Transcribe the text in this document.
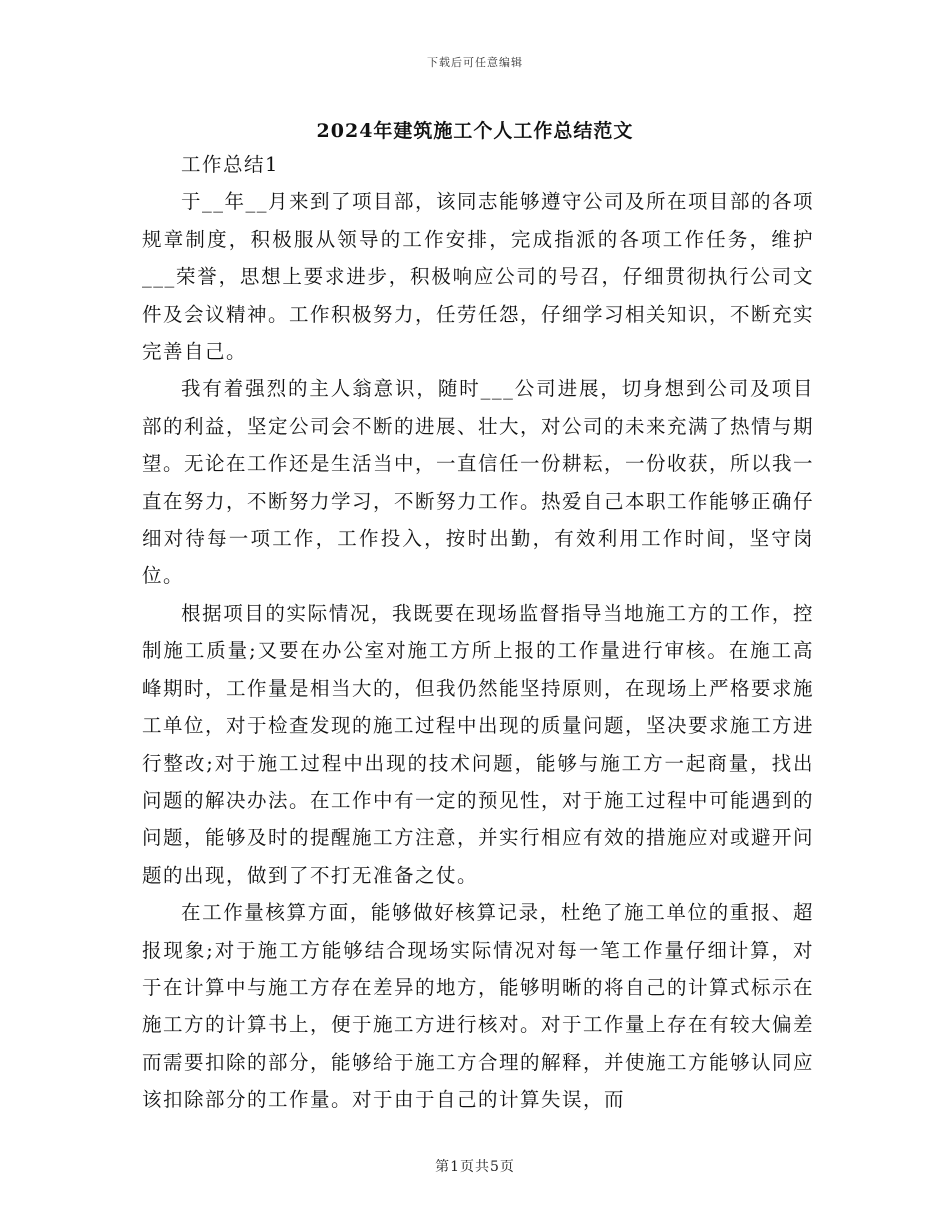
下载后可任意编辑
2024年建筑施工个人工作总结范文

工作总结1

于__年__月来到了项目部，该同志能够遵守公司及所在项目部的各项规章制度，积极服从领导的工作安排，完成指派的各项工作任务，维护___荣誉，思想上要求进步，积极响应公司的号召，仔细贯彻执行公司文件及会议精神。工作积极努力，任劳任怨，仔细学习相关知识，不断充实完善自己。

我有着强烈的主人翁意识，随时___公司进展，切身想到公司及项目部的利益，坚定公司会不断的进展、壮大，对公司的未来充满了热情与期望。无论在工作还是生活当中，一直信任一份耕耘，一份收获，所以我一直在努力，不断努力学习，不断努力工作。热爱自己本职工作能够正确仔细对待每一项工作，工作投入，按时出勤，有效利用工作时间，坚守岗位。

根据项目的实际情况，我既要在现场监督指导当地施工方的工作，控制施工质量;又要在办公室对施工方所上报的工作量进行审核。在施工高峰期时，工作量是相当大的，但我仍然能坚持原则，在现场上严格要求施工单位，对于检查发现的施工过程中出现的质量问题，坚决要求施工方进行整改;对于施工过程中出现的技术问题，能够与施工方一起商量，找出问题的解决办法。在工作中有一定的预见性，对于施工过程中可能遇到的问题，能够及时的提醒施工方注意，并实行相应有效的措施应对或避开问题的出现，做到了不打无准备之仗。

在工作量核算方面，能够做好核算记录，杜绝了施工单位的重报、超报现象;对于施工方能够结合现场实际情况对每一笔工作量仔细计算，对于在计算中与施工方存在差异的地方，能够明晰的将自己的计算式标示在施工方的计算书上，便于施工方进行核对。对于工作量上存在有较大偏差而需要扣除的部分，能够给于施工方合理的解释，并使施工方能够认同应该扣除部分的工作量。对于由于自己的计算失误，而

第1页共5页
